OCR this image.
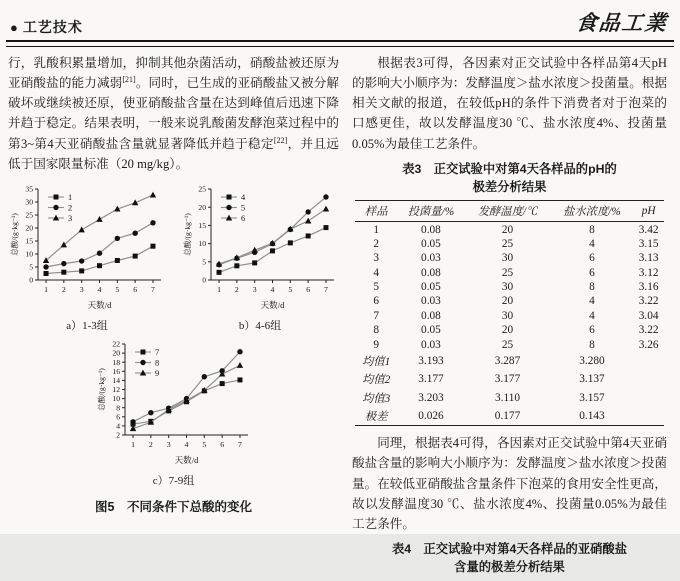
● 工艺技术	食品工業

行，乳酸积累量增加，抑制其他杂菌活动，硝酸盐被还原为亚硝酸盐的能力减弱[21]。同时，已生成的亚硝酸盐又被分解破坏或继续被还原，使亚硝酸盐含量在达到峰值后迅速下降并趋于稳定。结果表明，一般来说乳酸菌发酵泡菜过程中的第3~第4天亚硝酸盐含量就显著降低并趋于稳定[22]，并且远低于国家限量标准（20 mg/kg）。

0
5
10
15
20
25
30
35
1 2 3 4 5 6 7
总酸/(g·kg⁻¹)
天数/d
1
2
3
a）1-3组
0
5
10
15
20
25
1 2 3 4 5 6 7
总酸/(g·kg⁻¹)
天数/d
4
5
6
b）4-6组
2
4
6
8
10
12
14
16
18
20
22
1 2 3 4 5 6 7
总酸/(g·kg⁻¹)
天数/d
7
8
9
c）7-9组
图5　不同条件下总酸的变化

根据表3可得，各因素对正交试验中各样品第4天pH的影响大小顺序为：发酵温度＞盐水浓度＞投菌量。根据相关文献的报道，在较低pH的条件下消费者对于泡菜的口感更佳，故以发酵温度30 ℃、盐水浓度4%、投菌量0.05%为最佳工艺条件。

表3　正交试验中对第4天各样品的pH的
极差分析结果
样品	投菌量/%	发酵温度/℃	盐水浓度/%	pH
1	0.08	20	8	3.42
2	0.05	25	4	3.15
3	0.03	30	6	3.13
4	0.08	25	6	3.12
5	0.05	30	8	3.16
6	0.03	20	4	3.22
7	0.08	30	4	3.04
8	0.05	20	6	3.22
9	0.03	25	8	3.26
均值1	3.193	3.287	3.280	
均值2	3.177	3.177	3.137	
均值3	3.203	3.110	3.157	
极差	0.026	0.177	0.143	

同理，根据表4可得，各因素对正交试验中第4天亚硝酸盐含量的影响大小顺序为：发酵温度＞盐水浓度＞投菌量。在较低亚硝酸盐含量条件下泡菜的食用安全性更高，故以发酵温度30 ℃、盐水浓度4%、投菌量0.05%为最佳工艺条件。

表4　正交试验中对第4天各样品的亚硝酸盐
含量的极差分析结果
